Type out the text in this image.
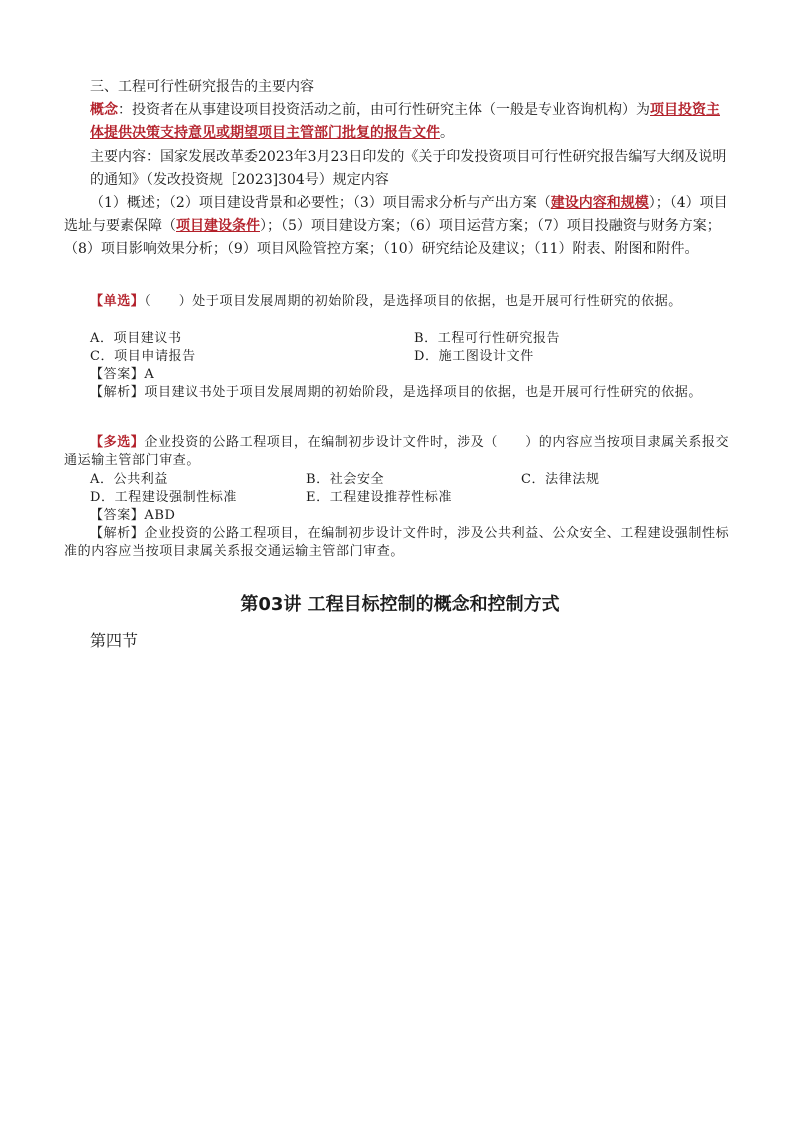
三、工程可行性研究报告的主要内容
概念：投资者在从事建设项目投资活动之前，由可行性研究主体（一般是专业咨询机构）为项目投资主体提供决策支持意见或期望项目主管部门批复的报告文件。
主要内容：国家发展改革委2023年3月23日印发的《关于印发投资项目可行性研究报告编写大纲及说明的通知》（发改投资规［2023]304号）规定内容
（1）概述；（2）项目建设背景和必要性；（3）项目需求分析与产出方案（建设内容和规模）；（4）项目选址与要素保障（项目建设条件）；（5）项目建设方案；（6）项目运营方案；（7）项目投融资与财务方案；（8）项目影响效果分析；（9）项目风险管控方案；（10）研究结论及建议；（11）附表、附图和附件。
【单选】（　　）处于项目发展周期的初始阶段，是选择项目的依据，也是开展可行性研究的依据。
A．项目建议书	B．工程可行性研究报告
C．项目申请报告	D．施工图设计文件
【答案】A
【解析】项目建议书处于项目发展周期的初始阶段，是选择项目的依据，也是开展可行性研究的依据。
【多选】企业投资的公路工程项目，在编制初步设计文件时，涉及（　　）的内容应当按项目隶属关系报交通运输主管部门审查。
A．公共利益	B．社会安全	C．法律法规
D．工程建设强制性标准	E．工程建设推荐性标准
【答案】ABD
【解析】企业投资的公路工程项目，在编制初步设计文件时，涉及公共利益、公众安全、工程建设强制性标准的内容应当按项目隶属关系报交通运输主管部门审查。
第03讲 工程目标控制的概念和控制方式
第四节
